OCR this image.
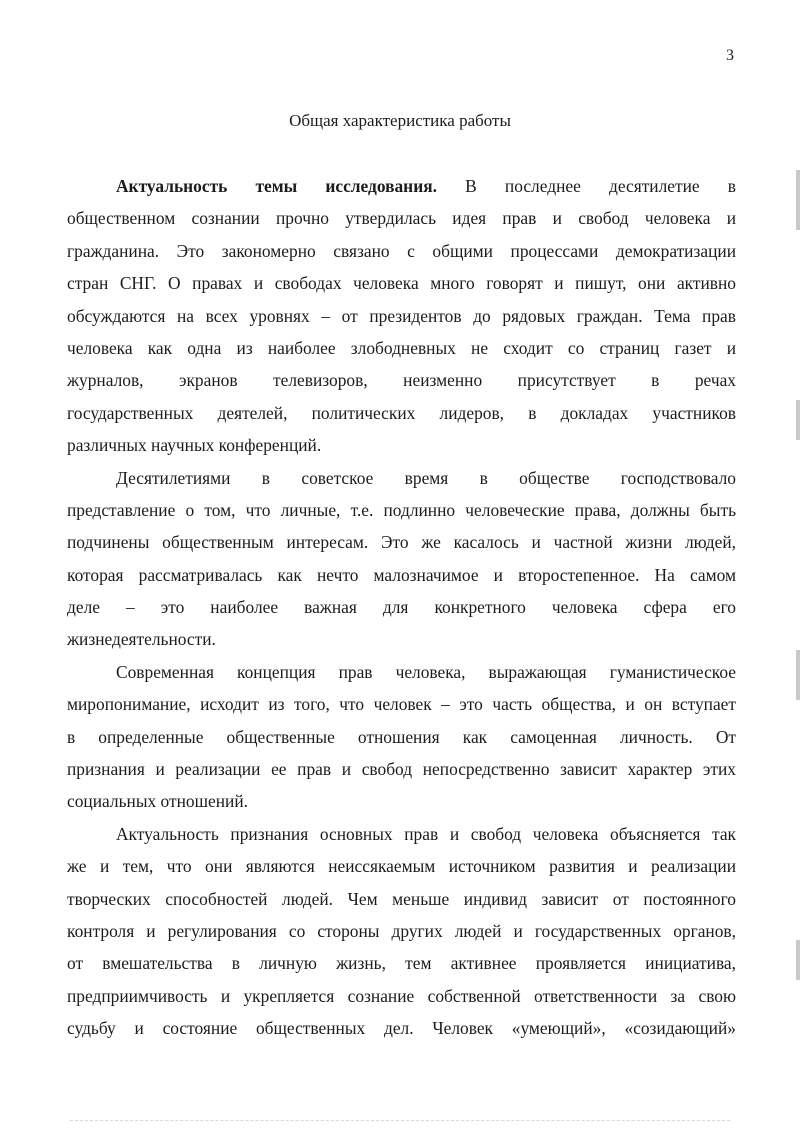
3
Общая характеристика работы
Актуальность темы исследования. В последнее десятилетие в
общественном сознании прочно утвердилась идея прав и свобод человека и
гражданина. Это закономерно связано с общими процессами демократизации
стран СНГ. О правах и свободах человека много говорят и пишут, они активно
обсуждаются на всех уровнях – от президентов до рядовых граждан. Тема прав
человека как одна из наиболее злободневных не сходит со страниц газет и
журналов, экранов телевизоров, неизменно присутствует в речах
государственных деятелей, политических лидеров, в докладах участников
различных научных конференций.
Десятилетиями в советское время в обществе господствовало
представление о том, что личные, т.е. подлинно человеческие права, должны быть
подчинены общественным интересам. Это же касалось и частной жизни людей,
которая рассматривалась как нечто малозначимое и второстепенное. На самом
деле – это наиболее важная для конкретного человека сфера его
жизнедеятельности.
Современная концепция прав человека, выражающая гуманистическое
миропонимание, исходит из того, что человек – это часть общества, и он вступает
в определенные общественные отношения как самоценная личность. От
признания и реализации ее прав и свобод непосредственно зависит характер этих
социальных отношений.
Актуальность признания основных прав и свобод человека объясняется так
же и тем, что они являются неиссякаемым источником развития и реализации
творческих способностей людей. Чем меньше индивид зависит от постоянного
контроля и регулирования со стороны других людей и государственных органов,
от вмешательства в личную жизнь, тем активнее проявляется инициатива,
предприимчивость и укрепляется сознание собственной ответственности за свою
судьбу и состояние общественных дел. Человек «умеющий», «созидающий»
